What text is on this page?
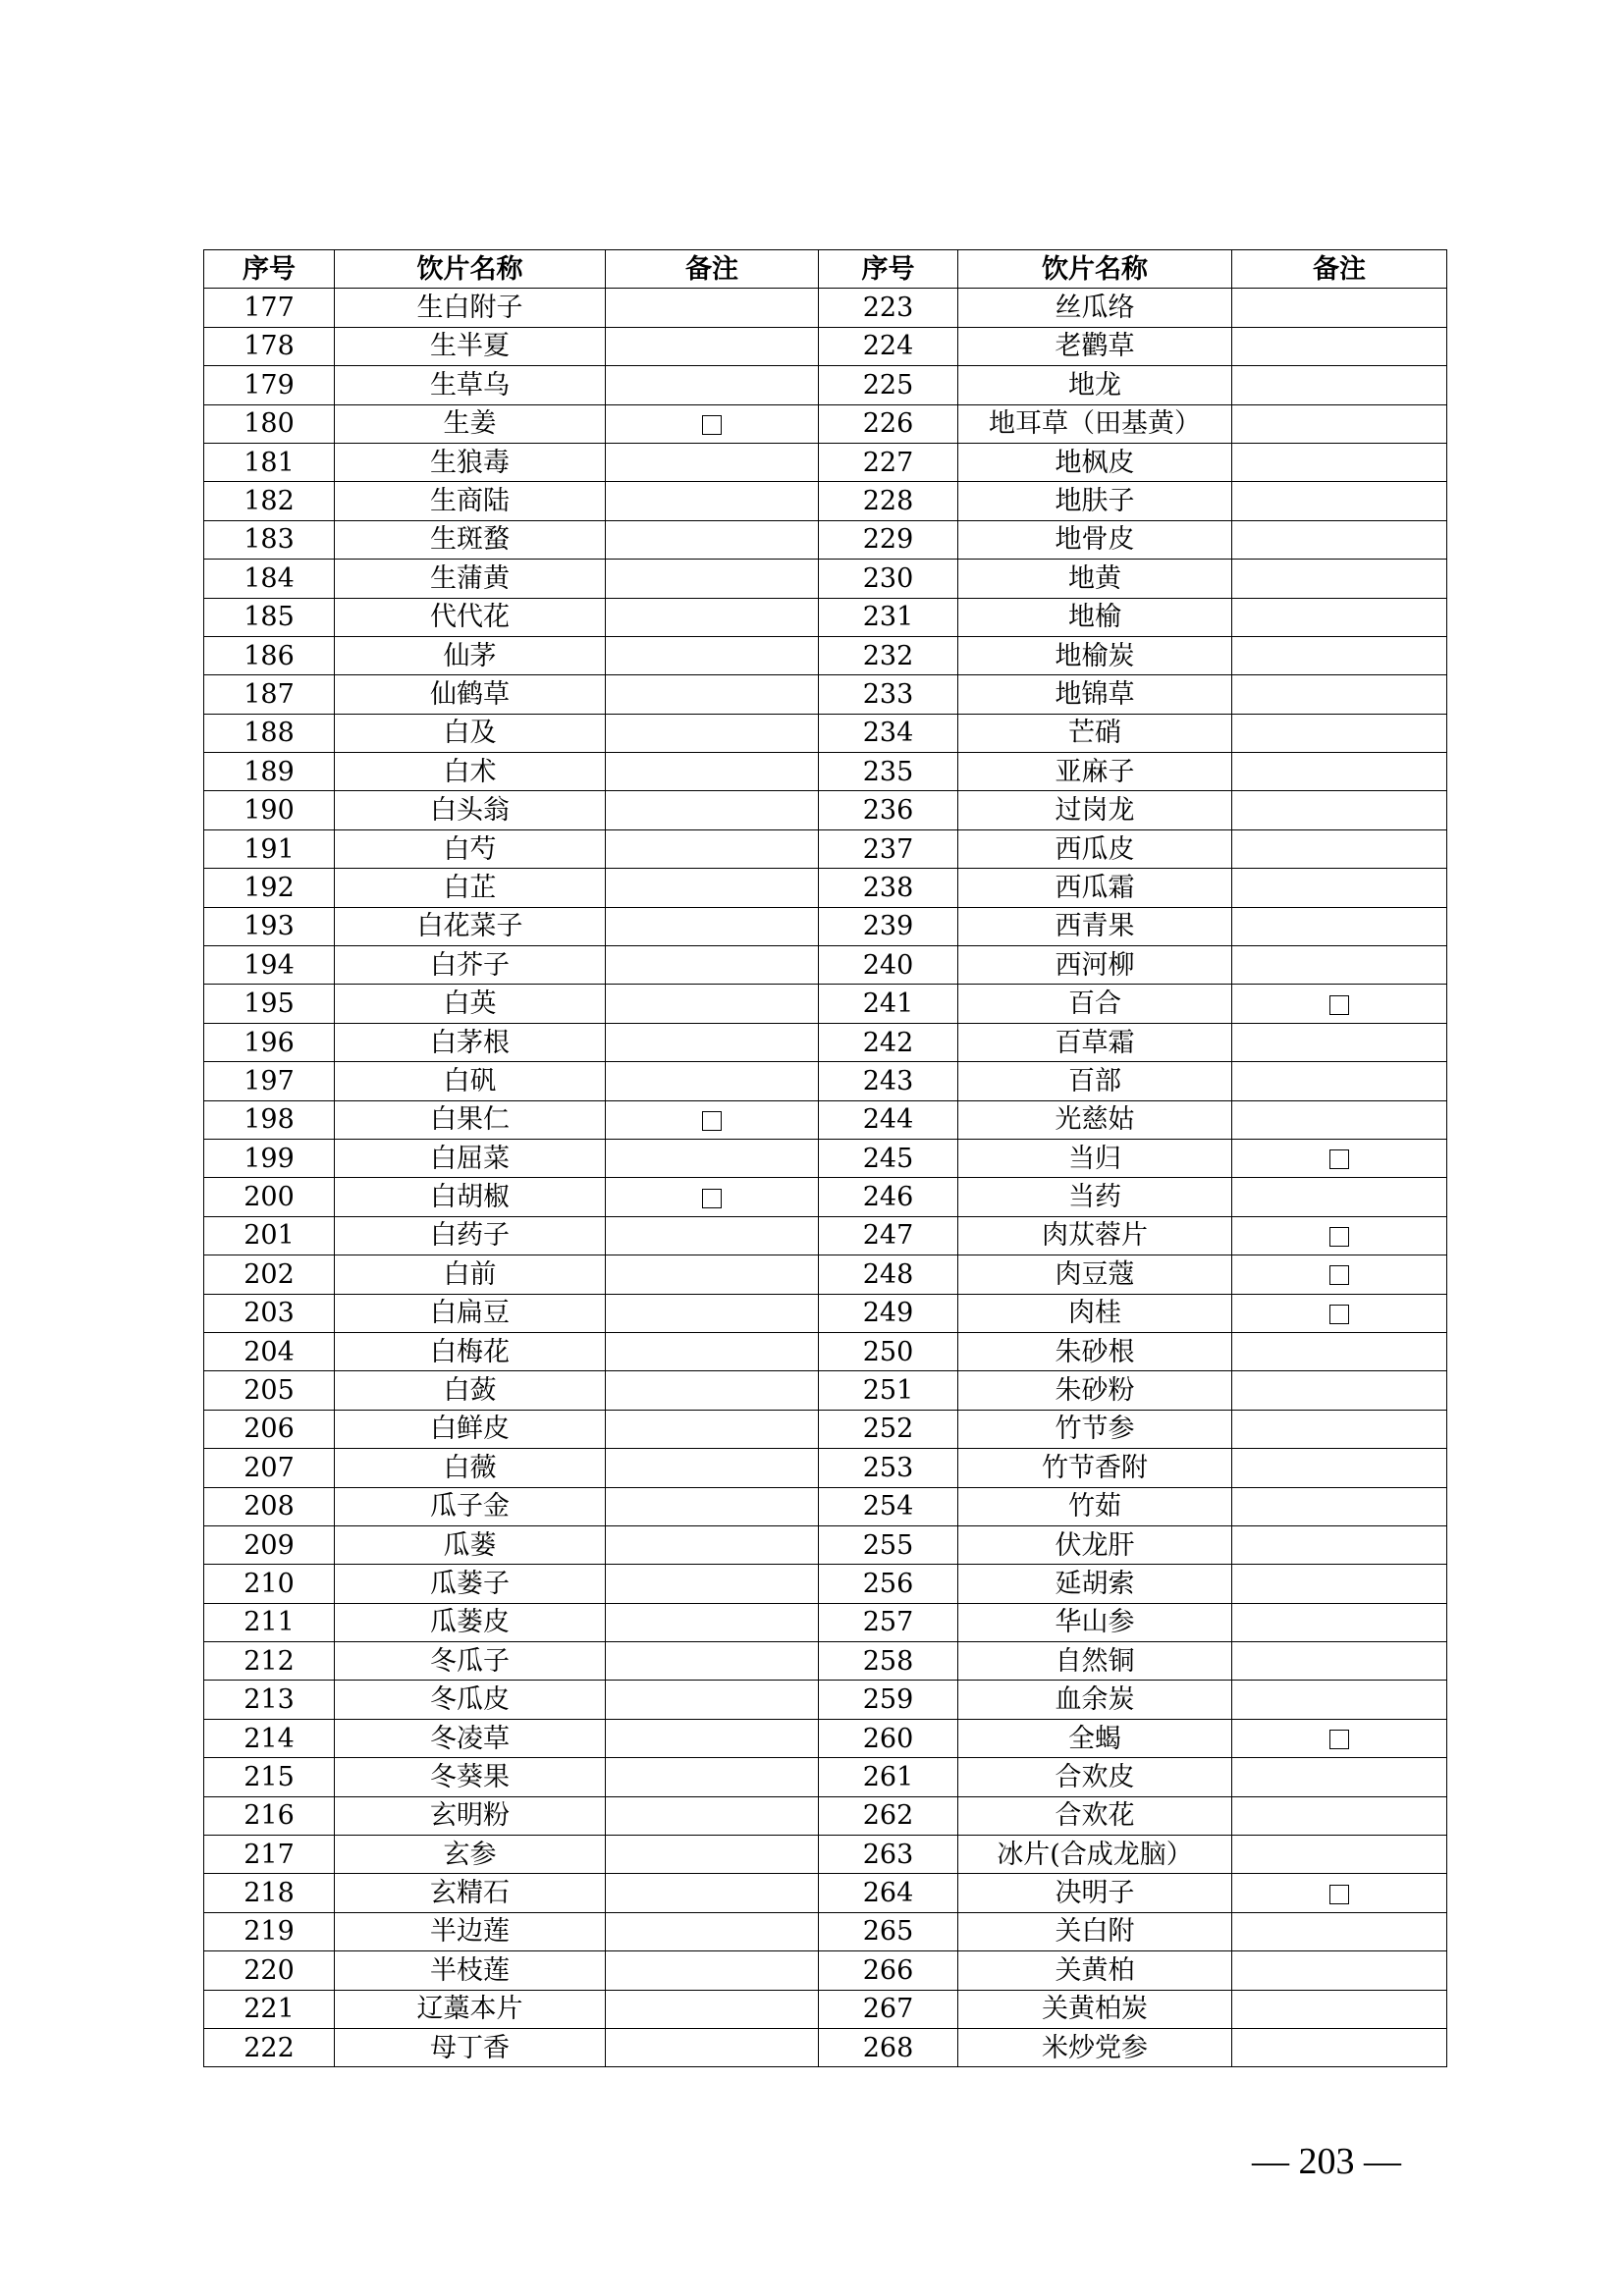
序号	饮片名称	备注	序号	饮片名称	备注
177	生白附子		223	丝瓜络	
178	生半夏		224	老鹳草	
179	生草乌		225	地龙	
180	生姜		226	地耳草（田基黄）	
181	生狼毒		227	地枫皮	
182	生商陆		228	地肤子	
183	生斑蝥		229	地骨皮	
184	生蒲黄		230	地黄	
185	代代花		231	地榆	
186	仙茅		232	地榆炭	
187	仙鹤草		233	地锦草	
188	白及		234	芒硝	
189	白术		235	亚麻子	
190	白头翁		236	过岗龙	
191	白芍		237	西瓜皮	
192	白芷		238	西瓜霜	
193	白花菜子		239	西青果	
194	白芥子		240	西河柳	
195	白英		241	百合	
196	白茅根		242	百草霜	
197	白矾		243	百部	
198	白果仁		244	光慈姑	
199	白屈菜		245	当归	
200	白胡椒		246	当药	
201	白药子		247	肉苁蓉片	
202	白前		248	肉豆蔻	
203	白扁豆		249	肉桂	
204	白梅花		250	朱砂根	
205	白蔹		251	朱砂粉	
206	白鲜皮		252	竹节参	
207	白薇		253	竹节香附	
208	瓜子金		254	竹茹	
209	瓜蒌		255	伏龙肝	
210	瓜蒌子		256	延胡索	
211	瓜蒌皮		257	华山参	
212	冬瓜子		258	自然铜	
213	冬瓜皮		259	血余炭	
214	冬凌草		260	全蝎	
215	冬葵果		261	合欢皮	
216	玄明粉		262	合欢花	
217	玄参		263	冰片(合成龙脑）	
218	玄精石		264	决明子	
219	半边莲		265	关白附	
220	半枝莲		266	关黄柏	
221	辽藁本片		267	关黄柏炭	
222	母丁香		268	米炒党参	
— 203 —
